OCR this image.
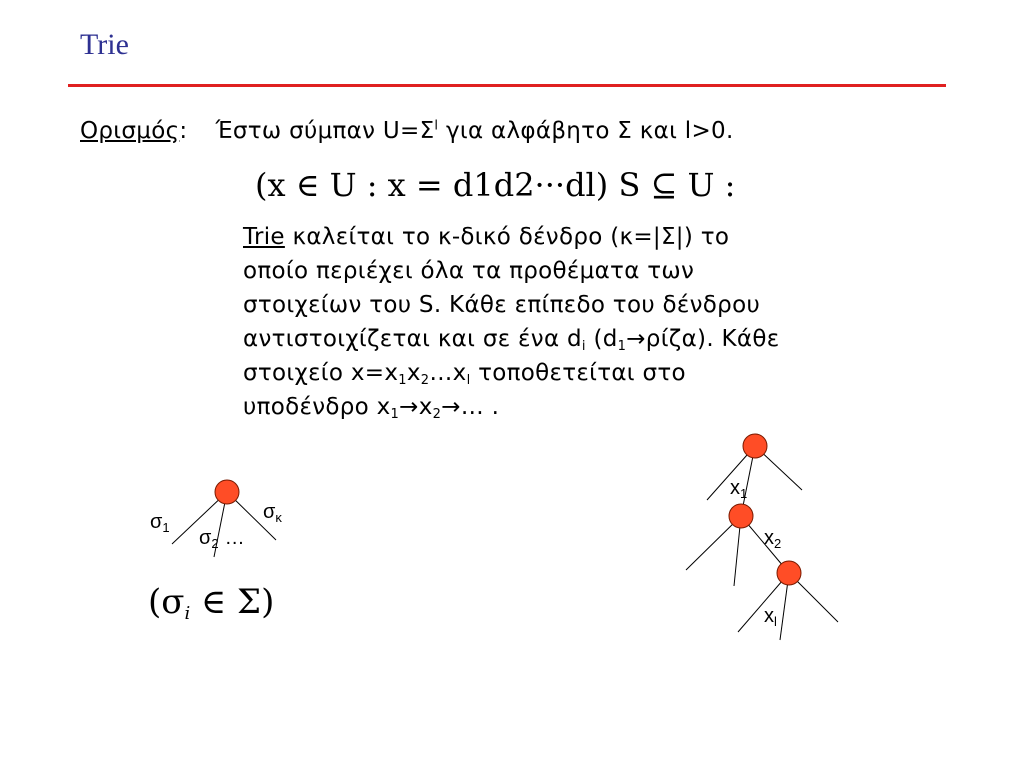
Trie
Ορισμός: Έστω σύμπαν $U=\Sigma^l$ για αλφάβητο Σ και l>0.
(x ∈ U : x = d1d2···dl) S ⊆ U :
Trie καλείται το κ-δικό δένδρο (κ=|Σ|) το
οποίο περιέχει όλα τα προθέματα των
στοιχείων του S. Κάθε επίπεδο του δένδρου
αντιστοιχίζεται και σε ένα $d_i$ $(d_1\to\rho ί\zeta\alpha)$. Κάθε
στοιχείο $x=x_1x_2\dots x_l$ τοποθετείται στο
υποδένδρο $x_1\to x_2\to\dots$ .
($\sigma_i$ ∈ Σ)
$\sigma_1$ $\sigma_2$ …
$\sigma_\kappa$
$x_1$
$x_2$
$x_l$
